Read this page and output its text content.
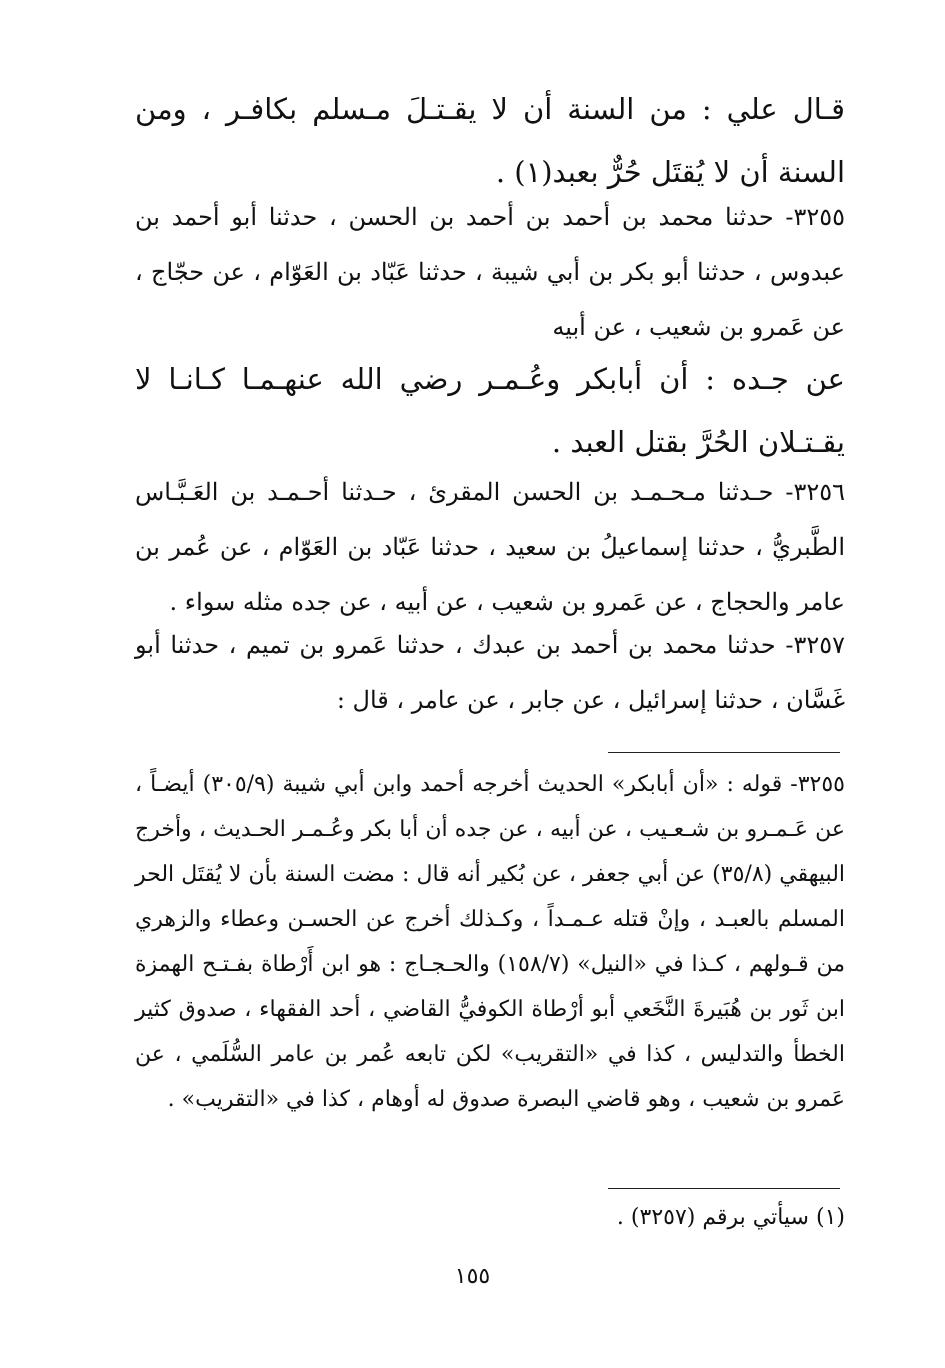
قـال علي : من السنة أن لا يقـتـلَ مـسلم بكافـر ، ومن السنة أن لا يُقتَل حُرٌّ بعبد(١) .

٣٢٥٥- حدثنا محمد بن أحمد بن أحمد بن الحسن ، حدثنا أبو أحمد بن عبدوس ، حدثنا أبو بكر بن أبي شيبة ، حدثنا عَبّاد بن العَوّام ، عن حجّاج ، عن عَمرو بن شعيب ، عن أبيه

عن جـده : أن أبابكر وعُـمـر رضي الله عنهـمـا كـانـا لا يقـتـلان الحُرَّ بقتل العبد .

٣٢٥٦- حـدثنا مـحـمـد بن الحسن المقرئ ، حـدثنا أحـمـد بن العَـبَّـاس الطَّبريُّ ، حدثنا إسماعيلُ بن سعيد ، حدثنا عَبّاد بن العَوّام ، عن عُمر بن عامر والحجاج ، عن عَمرو بن شعيب ، عن أبيه ، عن جده مثله سواء .

٣٢٥٧- حدثنا محمد بن أحمد بن عبدك ، حدثنا عَمرو بن تميم ، حدثنا أبو غَسَّان ، حدثنا إسرائيل ، عن جابر ، عن عامر ، قال :

٣٢٥٥- قوله : «أن أبابكر» الحديث أخرجه أحمد وابن أبي شيبة (٣٠٥/٩) أيضـاً ، عن عَـمـرو بن شـعـيب ، عن أبيه ، عن جده أن أبا بكر وعُـمـر الحـديث ، وأخرج البيهقي (٣٥/٨) عن أبي جعفر ، عن بُكير أنه قال : مضت السنة بأن لا يُقتَل الحر المسلم بالعبـد ، وإنْ قتله عـمـداً ، وكـذلك أخرج عن الحسـن وعطاء والزهري من قـولهم ، كـذا في «النيل» (١٥٨/٧) والحـجـاج : هو ابن أَرْطاة بفـتـح الهمزة ابن ثَور بن هُبَيرةَ النَّخَعي أبو أرْطاة الكوفيُّ القاضي ، أحد الفقهاء ، صدوق كثير الخطأ والتدليس ، كذا في «التقريب» لكن تابعه عُمر بن عامر السُّلَمي ، عن عَمرو بن شعيب ، وهو قاضي البصرة صدوق له أوهام ، كذا في «التقريب» .

(١) سيأتي برقم (٣٢٥٧) .

١٥٥
